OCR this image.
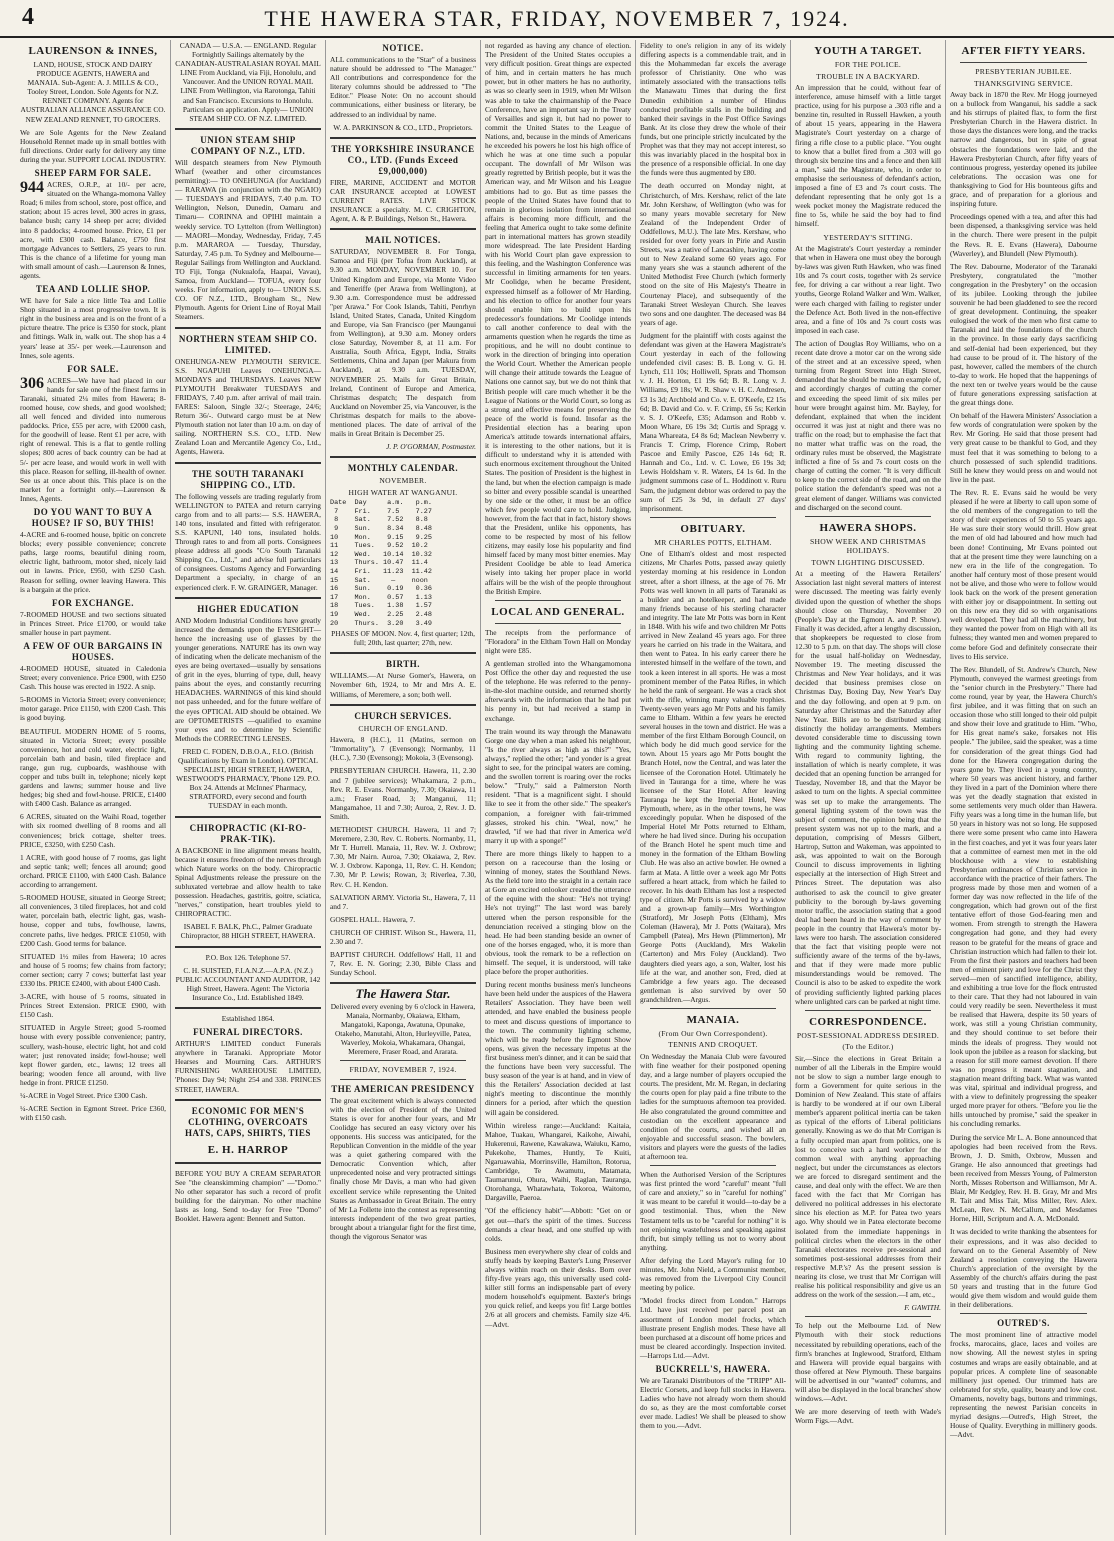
4	THE HAWERA STAR, FRIDAY, NOVEMBER 7, 1924.
LAURENSON & INNES,
LAND, HOUSE, STOCK AND DAIRY PRODUCE AGENTS, HAWERA and MANAIA. Sub-Agent: A. J. MILLS & CO., Tooley Street, London. Sole Agents for N.Z. RENNET COMPANY. Agents for AUSTRALIAN ALLIANCE ASSURANCE CO. NEW ZEALAND RENNET, TO GROCERS.
We are Sole Agents for the New Zealand Household Rennet made up in small bottles with full directions. Order early for delivery any time during the year. SUPPORT LOCAL INDUSTRY.
SHEEP FARM FOR SALE.
944 ACRES, O.R.P., at 10/- per acre, situated on the Whanga-momona Valley Road; 6 miles from school, store, post office, and station; about 15 acres level, 300 acres in grass, balance bush; carry 14 sheep per acre; divided into 8 paddocks; 4-roomed house. Price, £1 per acre, with £300 cash. Balance, £750 first mortgage Advances to Settlers, 25 years to run. This is the chance of a lifetime for young man with small amount of cash.—Laurenson & Innes, agents.
TEA AND LOLLIE SHOP.
WE have for Sale a nice little Tea and Lollie Shop situated in a most progressive town. It is right in the business area and is on the front of a picture theatre. The price is £350 for stock, plant and fittings. Walk in, walk out. The shop has a 4 years' lease at 35/- per week.—Laurenson and Innes, sole agents.
FOR SALE.
306 ACRES—We have had placed in our hands for sale one of the finest farms in Taranaki, situated 2¼ miles from Hawera; 8-roomed house, cow sheds, and good woolshed; all well fenced and divided into numerous paddocks. Price, £55 per acre, with £2000 cash, for the goodwill of lease. Rent £1 per acre, with right of renewal. This is a flat to gentle rolling slopes; 800 acres of back country can be had at 5/- per acre lease, and would work in well with this place. Reason for selling, ill-health of owner. See us at once about this. This place is on the market for a fortnight only.—Laurenson & Innes, Agents.
DO YOU WANT TO BUY A HOUSE? IF SO, BUY THIS!
4-ACRE and 6-roomed house, bpitic on concrete blocks; every possible convenience; concrete paths, large rooms, beautiful dining room, electric light, bathroom, motor shed, nicely laid out in lawns. Price, £950, with £250 Cash. Reason for selling, owner leaving Hawera. This is a bargain at the price.
FOR EXCHANGE.
7-ROOMED HOUSE and two sections situated in Princes Street. Price £1700, or would take smaller house in part payment.
A FEW OF OUR BARGAINS IN HOUSES.
4-ROOMED HOUSE, situated in Caledonia Street; every convenience. Price £900, with £250 Cash. This house was erected in 1922. A snip.
5-ROOMS in Victoria Street; every convenience; motor garage. Price £1150, with £200 Cash. This is good buying.
BEAUTIFUL MODERN HOME of 5 rooms, situated in Victoria Street; every possible convenience, hot and cold water, electric light, porcelain bath and basin, tiled fireplace and range, gun rug, cupboards, washhouse with copper and tubs built in, telephone; nicely kept gardens and lawns; summer house and live hedges; big shed and fowl-house. PRICE, £1400 with £400 Cash. Balance as arranged.
6 ACRES, situated on the Waihi Road, together with six roomed dwelling of 8 rooms and all conveniences; brick cottage, shelter trees. PRICE, £3250, with £250 Cash.
1 ACRE, with good house of 7 rooms, gas light and septic tank; well; fences all around; good orchard. PRICE £1100, with £400 Cash. Balance according to arrangement.
5-ROOMED HOUSE, situated in George Street; all conveniences, 3 tiled fireplaces, hot and cold water, porcelain bath, electric light, gas, wash-house, copper and tubs, fowlhouse, lawns, concrete paths, live hedges. PRICE £1050, with £200 Cash. Good terms for balance.
SITUATED 1½ miles from Hawera; 10 acres and house of 5 rooms; few chains from factory; corner section; carry 7 cows; butterfat last year £330 lbs. PRICE £2400, with about £400 Cash.
3-ACRE, with house of 5 rooms, situated in Princes Street Extension. PRICE £900, with £150 Cash.
SITUATED in Argyle Street; good 5-roomed house with every possible convenience; pantry, scullery, wash-house, electric light, hot and cold water; just renovated inside; fowl-house; well kept flower garden, etc., lawns; 12 trees all bearing; wooden fence all around, with live hedge in front. PRICE £1250.
¼-ACRE in Vogel Street. Price £300 Cash.
¼-ACRE Section in Egmont Street. Price £360, with £150 cash.
CANADA — U.S.A. — ENGLAND. Regular Fortnightly Sailings alternately by the CANADIAN-AUSTRALASIAN ROYAL MAIL LINE From Auckland, via Fiji, Honolulu, and Vancouver. And the UNION ROYAL MAIL LINE From Wellington, via Rarotonga, Tahiti and San Francisco. Excursions to Honolulu. Particulars on application. Apply— UNION STEAM SHIP CO. OF N.Z. LIMITED.
UNION STEAM SHIP COMPANY OF N.Z., LTD.
Will despatch steamers from New Plymouth Wharf (weather and other circumstances permitting):— TO ONEHUNGA (for Auckland)— RARAWA (in conjunction with the NGAIO)— TUESDAYS and FRIDAYS, 7.40 p.m. TO Wellington, Nelson, Dunedin, Oamaru and Timaru— CORINNA and OPIHI maintain a weekly service. TO Lyttelton (from Wellington)— MAORI—Monday, Wednesday, Friday, 7.45 p.m. MARAROA — Tuesday, Thursday, Saturday, 7.45 p.m. To Sydney and Melbourne— Regular Sailings from Wellington and Auckland. TO Fiji, Tonga (Nukualofa, Haapai, Vavau), Samoa, from Auckland— TOFUA, every four weeks. For information, apply to— UNION S.S. CO. OF N.Z., LTD., Brougham St., New Plymouth. Agents for Orient Line of Royal Mail Steamers.
NORTHERN STEAM SHIP CO. LIMITED.
ONEHUNGA-NEW PLYMOUTH SERVICE. S.S. NGAPUHI Leaves ONEHUNGA— MONDAYS and THURSDAYS. Leaves NEW PLYMOUTH Breakwater TUESDAYS and FRIDAYS, 7.40 p.m. after arrival of mail train. FARES: Saloon, Single 32/-; Steerage, 24/6; Return 36/-. Outward cargo must be at New Plymouth station not later than 10 a.m. on day of sailing. NORTHERN S.S. CO., LTD. New Zealand Loan and Mercantile Agency Co., Ltd., Agents, Hawera.
THE SOUTH TARANAKI SHIPPING CO., LTD.
The following vessels are trading regularly from WELLINGTON to PATEA and return carrying cargo from and to all parts:— S.S. HAWERA, 140 tons, insulated and fitted with refrigerator. S.S. KAPUNI, 140 tons, insulated holds. Through rates to and from all ports. Consignees please address all goods "C/o South Taranaki Shipping Co., Ltd.," and advise full particulars of consignees. Customs Agency and Forwarding Department a specialty, in charge of an experienced clerk. F. W. GRAINGER, Manager.
HIGHER EDUCATION
AND Modern Industrial Conditions have greatly increased the demands upon the EYESIGHT—hence the increasing use of glasses by the younger generations. NATURE has its own way of indicating when the delicate mechanism of the eyes are being overtaxed—usually by sensations of grit in the eyes, blurring of type, dull, heavy pains about the eyes, and constantly recurring HEADACHES. WARNINGS of this kind should not pass unheeded, and for the future welfare of the eyes OPTICAL AID should be obtained. We are OPTOMETRISTS —qualified to examine your eyes and to determine by Scientific Methods the CORRECTING LENSES.
FRED C. FODEN, D.B.O.A., F.I.O. (British Qualifications by Exam in London). OPTICAL SPECIALIST, HIGH STREET, HAWERA, WESTWOOD'S PHARMACY, 'Phone 129. P.O. Box 24. Attends at McInnes' Pharmacy, STRATFORD, every second and fourth TUESDAY in each month.
CHIROPRACTIC (KI-RO-PRAK-TIK).
A BACKBONE in line alignment means health, because it ensures freedom of the nerves through which Nature works on the body. Chiropractic Spinal Adjustments release the pressure on the subluxated vertebrae and allow health to take possession. Headaches, gastritis, goitre, sciatica, "nerves," constipation, heart troubles yield to CHIROPRACTIC.
ISABEL F. BALK, Ph.C., Palmer Graduate Chiropractor, 88 HIGH STREET, HAWERA.
P.O. Box 126. Telephone 57.
C. H. SUISTED, F.I.A.N.Z.—A.P.A. (N.Z.) PUBLIC ACCOUNTANT AND AUDITOR, 142 High Street, Hawera. Agent: The Victoria Insurance Co., Ltd. Established 1849.
Established 1864.
FUNERAL DIRECTORS.
ARTHUR'S LIMITED conduct Funerals anywhere in Taranaki. Appropriate Motor Hearses and Mourning Cars. ARTHUR'S FURNISHING WAREHOUSE LIMITED, 'Phones: Day 94; Night 254 and 338. PRINCES STREET, HAWERA.
ECONOMIC FOR MEN'S CLOTHING, OVERCOATS HATS, CAPS, SHIRTS, TIES
E. H. HARROP
BEFORE YOU BUY A CREAM SEPARATOR See "the cleanskimming champion" —"Domo." No other separator has such a record of profit building for the dairyman. No other machine lasts as long. Send to-day for Free "Domo" Booklet. Hawera agent: Bennett and Sutton.
NOTICE.
ALL communications to the "Star" of a business nature should be addressed to "The Manager." All contributions and correspondence for the literary columns should be addressed to "The Editor." Please Note: On no account should communications, either business or literary, be addressed to an individual by name.
W. A. PARKINSON & CO., LTD., Proprietors.
THE YORKSHIRE INSURANCE CO., LTD. (Funds Exceed £9,000,000)
FIRE, MARINE, ACCIDENT and MOTOR CAR INSURANCE accepted at LOWEST CURRENT RATES. LIVE STOCK INSURANCE a specialty. M. C. CRIGHTON, Agent, A. & P. Buildings, Nelson St., Hawera.
MAIL NOTICES.
SATURDAY, NOVEMBER 8. For Tonga, Samoa and Fiji (per Tofua from Auckland), at 9.30 a.m. MONDAY, NOVEMBER 10. For United Kingdom and Europe, via Monte Video and Teneriffe (per Arawa from Wellington), at 9.30 a.m. Correspondence must be addressed "per Arawa." For Cook Islands, Tahiti, Penrhyn Island, United States, Canada, United Kingdom and Europe, via San Francisco (per Maunganui from Wellington), at 9.30 a.m. Money orders close Saturday, November 8, at 11 a.m. For Australia, South Africa, Egypt, India, Straits Settlements, China and Japan (per Makura from Auckland), at 9.30 a.m. TUESDAY, NOVEMBER 25. Mails for Great Britain, Ireland, Continent of Europe and America, Christmas despatch; The despatch from Auckland on November 25, via Vancouver, is the Christmas despatch for mails to the above-mentioned places. The date of arrival of the mails in Great Britain is December 25.
J. P. O'GORMAN, Postmaster.
MONTHLY CALENDAR.
NOVEMBER.
HIGH WATER AT WANGANUI.
Date  Day     a.m.   p.m.
7    Fri.    7.5    7.27
8    Sat.    7.52   8.8
9    Sun.    8.34   8.48
10    Mon.    9.15   9.25
11    Tues.   9.52  10.2
12    Wed.   10.14  10.32
13    Thurs. 10.47  11.4
14    Fri.   11.23  11.42
15    Sat.     —    noon
16    Sun.    0.19   0.36
17    Mon.    0.57   1.13
18    Tues.   1.38   1.57
19    Wed.    2.25   2.48
20    Thurs.  3.20   3.49
PHASES OF MOON. Nov. 4, first quarter; 12th, full; 20th, last quarter; 27th, new.
BIRTH.
WILLIAMS.—At Nurse Gomer's, Hawera, on November 6th, 1924, to Mr and Mrs A. E. Williams, of Meremere, a son; both well.
CHURCH SERVICES.
CHURCH OF ENGLAND.
Hawera, 8 (H.C.), 11 (Matins, sermon on "Immortality"), 7 (Evensong); Normanby, 11 (H.C.), 7.30 (Evensong); Mokoia, 3 (Evensong).
PRESBYTERIAN CHURCH. Hawera, 11, 2.30 and 7 (jubilee services); Whakamara, 2 p.m., Rev. R. E. Evans. Normanby, 7.30; Okaiawa, 11 a.m.; Fraser Road, 3; Manganui, 11; Mangamahoe, 11 and 7.30; Auroa, 2, Rev. J. D. Smith.
METHODIST CHURCH. Hawera, 11 and 7; Meremere, 2.30, Rev. C. Roberts. Normanby, 11, Mr T. Hurrell. Manaia, 11, Rev. W. J. Oxbrow; 7.30, Mr Nairn. Auroa, 7.30; Okaiawa, 2, Rev. W. J. Oxbrow. Kaponga, 11, Rev. C. H. Kendon; 7.30, Mr P. Lewis; Rowan, 3; Riverlea, 7.30, Rev. C. H. Kendon.
SALVATION ARMY. Victoria St., Hawera, 7, 11 and 7.
GOSPEL HALL. Hawera, 7.
CHURCH OF CHRIST. Wilson St., Hawera, 11, 2.30 and 7.
BAPTIST CHURCH. Oddfellows' Hall, 11 and 7, Rev. E. N. Goring; 2.30, Bible Class and Sunday School.
The Hawera Star.
Delivered every evening by 6 o'clock in Hawera, Manaia, Normanby, Okaiawa, Eltham, Mangatoki, Kaponga, Awatuna, Opunake, Otakeho, Manutahi, Alton, Hurleyville, Patea, Waverley, Mokoia, Whakamara, Ohangai, Meremere, Fraser Road, and Ararata.
FRIDAY, NOVEMBER 7, 1924.
THE AMERICAN PRESIDENCY
The great excitement which is always connected with the election of President of the United States is over for another four years, and Mr Coolidge has secured an easy victory over his opponents. His success was anticipated, for the Republican Convention in the middle of the year was a quiet gathering compared with the Democratic Convention which, after unprecedented noise and very protracted sittings finally chose Mr Davis, a man who had given excellent service while representing the United States as Ambassador in Great Britain. The entry of Mr La Follette into the contest as representing interests independent of the two great parties, brought about a triangular fight for the first time, though the vigorous Senator was
not regarded as having any chance of election. The President of the United States occupies a very difficult position. Great things are expected of him, and in certain matters he has much power, but in other matters he has no authority, as was so clearly seen in 1919, when Mr Wilson was able to take the chairmanship of the Peace Conference, have an important say in the Treaty of Versailles and sign it, but had no power to commit the United States to the League of Nations, and, because in the minds of Americans he exceeded his powers he lost his high office of which he was at one time such a popular occupant. The downfall of Mr Wilson was greatly regretted by British people, but it was the American way, and Mr Wilson and his League ambitions had to go. But as time passes the people of the United States have found that to remain in glorious isolation from international affairs is becoming more difficult, and the feeling that America ought to take some definite part in international matters has grown steadily more widespread. The late President Harding with his World Court plan gave expression to this feeling, and the Washington Conference was successful in limiting armaments for ten years. Mr Coolidge, when he became President, expressed himself as a follower of Mr Harding, and his election to office for another four years should enable him to build upon his predecessor's foundations. Mr Coolidge intends to call another conference to deal with the armaments question when he regards the time as propitious, and he will no doubt continue to work in the direction of bringing into operation the World Court. Whether the American people will change their attitude towards the League of Nations one cannot say, but we do not think that British people will care much whether it be the League of Nations or the World Court, so long as a strong and effective means for preserving the peace of the world is found. Insofar as the Presidential election has a bearing upon America's attitude towards international affairs, it is interesting to the other nations, but it is difficult to understand why it is attended with such enormous excitement throughout the United States. The position of President is the highest in the land, but when the election campaign is made so bitter and every possible scandal is unearthed by one side or the other, it must be an office which few people would care to hold. Judging, however, from the fact that in fact, history shows that the President, unlike his opponents, has come to be respected by most of his fellow citizens, may easily lose his popularity and find himself faced by many most bitter enemies. May President Coolidge be able to lead America wisely into taking her proper place in world affairs will be the wish of the people throughout the British Empire.
LOCAL AND GENERAL.
The receipts from the performance of "Floradora" in the Eltham Town Hall on Monday night were £85.
A gentleman strolled into the Whangamomona Post Office the other day and requested the use of the telephone. He was referred to the penny-in-the-slot machine outside, and returned shortly afterwards with the information that he had put his penny in, but had received a stamp in exchange.
The train wound its way through the Manawatu Gorge one day when a man asked his neighbour, "Is the river always as high as this?" "Yes, always," replied the other; "and yonder is a great sight to see, for the principal waters are coming, and the swollen torrent is roaring over the rocks below." "Truly," said a Palmerston North resident. "That is a magnificent sight. I should like to see it from the other side." The speaker's companion, a foreigner with fair-trimmed glasses, stroked his chin. "Weal, now," he drawled, "if we had that river in America we'd marry it up with a sponge!"
There are more things likely to happen to a person on a racecourse than the losing or winning of money, states the Southland News. As the field tore into the straight in a certain race at Gore an excited onlooker created the utterance of the equine with the shout: "He's not trying! He's not trying!" The last word was barely uttered when the person responsible for the denunciation received a stinging blow on the head. He had been standing beside an owner of one of the horses engaged, who, it is more than obvious, took the remark to be a reflection on himself. The sequel, it is understood, will take place before the proper authorities.
During recent months business men's luncheons have been held under the auspices of the Hawera Retailers' Association. They have been well attended, and have enabled the business people to meet and discuss questions of importance to the town. The community lighting scheme, which will be ready before the Egmont Show opens, was given the necessary impetus at the first business men's dinner, and it can be said that the functions have been very successful. The busy season of the year is at hand, and in view of this the Retailers' Association decided at last night's meeting to discontinue the monthly dinners for a period, after which the question will again be considered.
Within wireless range:—Auckland: Kaitaia, Mahoe, Tuakau, Whangarei, Kaikohe, Aiwahi, Hukerenui, Rawene, Kawakawa, Waiuku, Kamo, Pukekohe, Thames, Huntly, Te Kuiti, Ngaruawahia, Morrinsville, Hamilton, Rotorua, Cambridge, Te Awamutu, Matamata, Taumarunui, Ohura, Waihi, Raglan, Tauranga, Otorohanga, Whatawhata, Tokoroa, Waitomo, Dargaville, Paeroa.
"Of the efficiency habit"—Abbott: "Get on or get out—that's the spirit of the times. Success demands a clear head, and one stuffed up with colds.
Business men everywhere shy clear of colds and stuffy heads by keeping Baxter's Lung Preserver always within reach on their desks. Born over fifty-five years ago, this universally used cold-killer still forms an indispensable part of every modern household's equipment. Baxter's brings you quick relief, and keeps you fit! Large bottles 2/6 at all grocers and chemists. Family size 4/6.—Advt.
Fidelity to one's religion in any of its widely differing aspects is a commendable trait, and in this the Mohammedan far excels the average professor of Christianity. One who was intimately associated with the transactions tells the Manawatu Times that during the first Dunedin exhibition a number of Hindus conducted profitable stalls in the building and banked their savings in the Post Office Savings Bank. At its close they drew the whole of their funds, but one principle strictly inculcated by the Prophet was that they may not accept interest, so this was invariably placed in the hospital box in the presence of a responsible official. In one day the funds were thus augmented by £80.
The death occurred on Monday night, at Christchurch, of Mrs. Kershaw, relict of the late Mr. John Kershaw, of Wellington (who was for so many years movable secretary for New Zealand of the Independent Order of Oddfellows, M.U.). The late Mrs. Kershaw, who resided for over forty years in Pirie and Austin Streets, was a native of Lancashire, having come out to New Zealand some 60 years ago. For many years she was a staunch adherent of the United Methodist Free Church (which formerly stood on the site of His Majesty's Theatre in Courtenay Place), and subsequently of the Taranaki Street Wesleyan Church. She leaves two sons and one daughter. The deceased was 84 years of age.
Judgment for the plaintiff with costs against the defendant was given at the Hawera Magistrate's Court yesterday in each of the following undefended civil cases: B. B. Long v. G. H. Lynch, £11 10s; Holliwell, Sprats and Thomson v. J. H. Horton, £1 19s 6d; B. R. Long v. J. Williams, £9 18s; W. R. Shaw v. H. C. Andresen, £3 1s 3d; Archbold and Co. v. E. O'Keefe, £2 15s 6d; B. David and Co. v. F. Crimp, £6 5s; Kerkin v. S. J. O'Keefe, £35; Adamson and Robb v. Moon Whare, £6 19s 3d; Curtis and Spragg v. Mana Whareata, £4 8s 6d; Maclean Newberry v. Francis T. Crimp, Florence Crimp, Robert Pascoe and Emily Pascoe, £26 14s 6d; R. Hannah and Co., Ltd. v. C. Lowe, £6 19s 3d; Lewis Holdsham v. R. Waters, £4 1s 6d. In the judgment summons case of L. Hoddinott v. Ruru Sam, the judgment debtor was ordered to pay the sum of £25 3s 9d, in default 27 days' imprisonment.
OBITUARY.
MR CHARLES POTTS, ELTHAM.
One of Eltham's oldest and most respected citizens, Mr Charles Potts, passed away quietly yesterday morning at his residence in London street, after a short illness, at the age of 76. Mr Potts was well known in all parts of Taranaki as a builder and an hotelkeeper, and had made many friends because of his sterling character and integrity. The late Mr Potts was born in Kent in 1848. With his wife and two children Mr Potts arrived in New Zealand 45 years ago. For three years he carried on his trade in the Waitara, and then went to Patea. In his early career there he interested himself in the welfare of the town, and took a keen interest in all sports. He was a most prominent member of the Patea Rifles, in which he held the rank of sergeant. He was a crack shot with the rifle, winning many valuable trophies. Twenty-seven years ago Mr Potts and his family came to Eltham. Within a few years he erected several houses in the town and district. He was a member of the first Eltham Borough Council, on which body he did much good service for the town. About 15 years ago Mr Potts bought the Branch Hotel, now the Central, and was later the licensee of the Coronation Hotel. Ultimately he lived in Tauranga for a time, where he was licensee of the Star Hotel. After leaving Tauranga he kept the Imperial Hotel, New Plymouth, where, as in the other towns, he was exceedingly popular. When he disposed of the Imperial Hotel Mr Potts returned to Eltham, where he had lived since. During his occupation of the Branch Hotel he spent much time and money in the formation of the Eltham Bowling Club. He was also an active bowler. He owned a farm at Mata. A little over a week ago Mr Potts suffered a heart attack, from which he failed to recover. In his death Eltham has lost a respected type of citizen. Mr Potts is survived by a widow and a grown-up family—Mrs Worthington (Stratford), Mr Joseph Potts (Eltham), Mrs Coleman (Hawera), Mr J. Potts (Waitara), Mrs Campbell (Patea), Mrs Hewn (Plimmerton), Mr George Potts (Auckland), Mrs Wakelin (Carterton) and Mrs Foley (Auckland). Two daughters died years ago, a son, Walter, lost his life at the war, and another son, Fred, died at Cambridge a few years ago. The deceased gentleman is also survived by over 50 grandchildren.—Argus.
MANAIA.
(From Our Own Correspondent).
TENNIS AND CROQUET.
On Wednesday the Manaia Club were favoured with fine weather for their postponed opening day, and a large number of players occupied the courts. The president, Mr. M. Regan, in declaring the courts open for play paid a fine tribute to the ladies for the sumptuous afternoon tea provided. He also congratulated the ground committee and custodian on the excellent appearance and condition of the courts, and wished all an enjoyable and successful season. The bowlers, visitors and players were the guests of the ladies at afternoon tea.
When the Authorised Version of the Scriptures was first printed the word "careful" meant "full of care and anxiety," so in "careful for nothing" it was meant to be careful it would—to-day be a good testimonial. Thus, when the New Testament tells us to be "careful for nothing" it is not enjoining wastefulness and speaking against thrift, but simply telling us not to worry about anything.
After defying the Lord Mayor's ruling for 10 minutes, Mr. John Nield, a Communist member, was removed from the Liverpool City Council meeting by police.
"Model frocks direct from London." Harrops Ltd. have just received per parcel post an assortment of London model frocks, which illustrate present English modes. These have all been purchased at a discount off home prices and must be cleared accordingly. Inspection invited.—Harrops Ltd.—Advt.
BUCKRELL'S, HAWERA.
We are Taranaki Distributors of the "TRIPP" All-Electric Corsets, and keep full stocks in Hawera. Ladies who have not already worn them should do so, as they are the most comfortable corset ever made. Ladies! We shall be pleased to show them to you.—Advt.
YOUTH A TARGET.
FOR THE POLICE.
TROUBLE IN A BACKYARD.
An impression that he could, without fear of interference, amuse himself with a little target practice, using for his purpose a .303 rifle and a benzine tin, resulted in Russell Hawken, a youth of about 15 years, appearing in the Hawera Magistrate's Court yesterday on a charge of firing a rifle close to a public place. "You ought to know that a bullet fired from a .303 will go through six benzine tins and a fence and then kill a man," said the Magistrate, who, in order to emphasise the seriousness of defendant's action, imposed a fine of £3 and 7s court costs. The defendant representing that he only got 1s a week pocket money the Magistrate reduced the fine to 5s, while he said the boy had to find himself.
YESTERDAY'S SITTING.
At the Magistrate's Court yesterday a reminder that when in Hawera one must obey the borough by-laws was given Ruth Hawken, who was fined 10s and 7s court costs, together with 2s service fee, for driving a car without a rear light. Two youths, George Roland Walker and Wm. Walker, were each charged with failing to register under the Defence Act. Both lived in the non-effective area, and a fine of 10s and 7s court costs was imposed in each case.
The action of Douglas Roy Williams, who on a recent date drove a motor car on the wrong side of the street and at an excessive speed, when turning from Regent Street into High Street, demanded that he should be made an example of, and accordingly charges of cutting the corner and exceeding the speed limit of six miles per hour were brought against him. Mr. Bayley, for defendant, explained that when the incident occurred it was just at night and there was no traffic on the road; but to emphasise the fact that no matter what traffic was on the road, the ordinary rules must be observed, the Magistrate inflicted a fine of 5s and 7s court costs on the charge of cutting the corner. "It is very difficult to keep to the correct side of the road, and on the police station the defendant's speed was not a great element of danger. Williams was convicted and discharged on the second count.
HAWERA SHOPS.
SHOW WEEK AND CHRISTMAS HOLIDAYS.
TOWN LIGHTING DISCUSSED.
At a meeting of the Hawera Retailers' Association last night several matters of interest were discussed. The meeting was fairly evenly divided upon the question of whether the shops should close on Thursday, November 20 (People's Day at the Egmont A. and P. Show). Finally it was decided, after a lengthy discussion, that shopkeepers be requested to close from 12.30 to 5 p.m. on that day. The shops will close for the usual half-holiday on Wednesday, November 19. The meeting discussed the Christmas and New Year holidays, and it was decided that business premises close on Christmas Day, Boxing Day, New Year's Day and the day following, and open at 9 p.m. on Saturday after Christmas and the Saturday after New Year. Bills are to be distributed stating distinctly the holiday arrangements. Members devoted considerable time to discussing town lighting and the community lighting scheme. With regard to community lighting, the installation of which is nearly complete, it was decided that an opening function be arranged for Tuesday, November 18, and that the Mayor be asked to turn on the lights. A special committee was set up to make the arrangements. The general lighting system of the town was the subject of comment, the opinion being that the present system was not up to the mark, and a deputation, comprising of Messrs Gilbert, Hartrop, Sutton and Wakeman, was appointed to ask, was appointed to wait on the Borough Council to discuss improvements in lighting especially at the intersection of High Street and Princes Street. The deputation was also authorised to ask the council to give greater publicity to the borough by-laws governing motor traffic, the association stating that a good deal had been heard in the way of comment by people in the country that Hawera's motor by-laws were too harsh. The association considered that the fact that visiting people were not sufficiently aware of the terms of the by-laws, and that if they were made more public misunderstandings would be removed. The Council is also to be asked to expedite the work of providing sufficiently lighted parking places where unlighted cars can be parked at night time.
CORRESPONDENCE.
POST-SESSIONAL ADDRESS DESIRED.
(To the Editor.)
Sir,—Since the elections in Great Britain a number of all the Liberals in the Empire would not be slow to sign a number large enough to form a Government for quite serious in the Dominion of New Zealand. This state of affairs is hardly to be wondered at if our own Liberal member's apparent political inertia can be taken as typical of the efforts of Liberal politicians generally. Knowing as we do that Mr Corrigan is a fully occupied man apart from politics, one is lost to conceive such a hard worker for the common weal with anything approaching neglect, but under the circumstances as electors we are forced to disregard sentiment and the cause, and deal only with the effect. We are then faced with the fact that Mr Corrigan has delivered no political addresses in his electorate since his election as M.P. for Patea two years ago. Why should we in Patea electorate become isolated from the immediate happenings in political circles when the electors in the other Taranaki electorates receive pre-sessional and sometimes post-sessional addresses from their respective M.P.'s? As the present session is nearing its close, we trust that Mr Corrigan will realise his political responsibility and give us an address on the work of the session.—I am, etc.,
F. GAWITH.
To help out the Melbourne Ltd. of New Plymouth with their stock reductions necessitated by rebuilding operations, each of the firm's branches at Inglewood, Stratford, Eltham and Hawera will provide equal bargains with those offered at New Plymouth. These bargains will be advertised in our "wanted" columns, and will also be displayed in the local branches' show windows.—Advt.
We are more deserving of teeth with Wade's Worm Figs.—Advt.
AFTER FIFTY YEARS.
PRESBYTERIAN JUBILEE.
THANKSGIVING SERVICE.
Away back in 1870 the Rev. Mr Hogg journeyed on a bullock from Wanganui, his saddle a sack and his stirrups of plaited flax, to form the first Presbyterian Church in the Hawera district. In those days the distances were long, and the tracks narrow and dangerous, but in spite of great obstacles the foundations were laid, and the Hawera Presbyterian Church, after fifty years of continuous progress, yesterday opened its jubilee celebrations. The occasion was one for thanksgiving to God for His bounteous gifts and grace, and of preparation for a glorious and inspiring future.
Proceedings opened with a tea, and after this had been dispensed, a thanksgiving service was held in the church. There were present in the pulpit the Revs. R. E. Evans (Hawera), Dabourne (Waverley), and Blundell (New Plymouth).
The Rev. Dabourne, Moderator of the Taranaki Presbytery, congratulated the "mother congregation in the Presbytery" on the occasion of its jubilee. Looking through the jubilee souvenir he had been gladdened to see the record of great development. Continuing, the speaker eulogised the work of the men who first came to Taranaki and laid the foundations of the church in the province. In those early days sacrificing and self-denial had been experienced, but they had cause to be proud of it. The history of the past, however, called the members of the church to-day to work. He hoped that the happenings of the next ten or twelve years would be the cause of future generations expressing satisfaction at the great things done.
On behalf of the Hawera Ministers' Association a few words of congratulation were spoken by the Rev. Mr Goring. He said that those present had very great cause to be thankful to God, and they must feel that it was something to belong to a church possessed of such splendid traditions. Still he knew they would press on and would not live in the past.
The Rev. R. E. Evans said he would be very pleased if he were at liberty to call upon some of the old members of the congregation to tell the story of their experiences of 50 to 55 years ago. He was sure their story would thrill. How great the men of old had laboured and how much had been done! Continuing, Mr Evans pointed out that at the present time they were launching on a new era in the life of the congregation. To another half century most of those present would not be alive, and those who were to follow would look back on the work of the present generation with either joy or disappointment. In setting out on this new era they did so with organisations well developed. They had all the machinery, but they wanted the power from on High with all its fulness; they wanted men and women prepared to come before God and definitely consecrate their lives to His service.
The Rev. Blundell, of St. Andrew's Church, New Plymouth, conveyed the warmest greetings from the "senior church in the Presbytery." There had come round, year by year, the Hawera Church's first jubilee, and it was fitting that on such an occasion those who still longed to their old pulpit and show their love and gratitude to Him. "Who, for His great name's sake, forsakes not His people." The jubilee, said the speaker, was a time for consideration of the great things God had done for the Hawera congregation during the years gone by. They lived in a young country, where 50 years was ancient history, and farther they lived in a part of the Dominion where there was yet the deadly stagnation that existed in some settlements very much older than Hawera. Fifty years was a long time in the human life, but 50 years in history was not so long. He supposed there were some present who came into Hawera in the first coaches, and yet it was four years later that a committee of earnest men met in the old blockhouse with a view to establishing Presbyterian ordinances of Christian service in accordance with the practice of their fathers. The progress made by those men and women of a former day was now reflected in the life of the congregation, which had grown out of the first tentative effort of those God-fearing men and women. From strength to strength the Hawera congregation had gone, and they had every reason to be grateful for the means of grace and Christian instruction which had fallen to their lot. From the first their pastors and teachers had been men of eminent piety and love for the Christ they served—men of sanctified intelligence, ability, and exhibiting a true love for the flock entrusted to their care. That they had not laboured in vain could very readily be seen. Nevertheless it must be realised that Hawera, despite its 50 years of work, was still a young Christian community, and they should continue to set before their minds the ideals of progress. They would not look upon the jubilee as a reason for slacking, but a reason for still more earnest devotion. If there was no progress it meant stagnation, and stagnation meant drifting back. What was wanted was vital, spiritual and individual progress, and with a view to definitely progressing the speaker urged more prayer for others. "Before you lie the hills untouched by promise," said the speaker in his concluding remarks.
During the service Mr L. A. Bone announced that apologies had been received from the Revs. Brown, J. D. Smith, Oxbrow, Mussen and Grange. He also announced that greetings had been received from Messrs Young, of Palmerston North, Misses Robertson and Williamson, Mr A. Blair, Mr Kedgley, Rev. H. B. Gray, Mr and Mrs R. Tait and Miss Tait, Miss Miller, Rev. Alex. McLean, Rev. N. McCallum, and Mesdames Horne, Hill, Scriptum and A. A. McDonald.
It was decided to write thanking the absentees for their expressions, and it was also decided to forward on to the General Assembly of New Zealand a resolution conveying the Hawera Church's appreciation of the oversight by the Assembly of the church's affairs during the past 50 years and trusting that in the future God would give them wisdom and would guide them in their deliberations.
OUTRED'S.
The most prominent line of attractive model frocks, marocains, glace, laces and voiles are now showing. All the newest styles in spring costumes and wraps are easily obtainable, and at popular prices. A complete line of seasonable millinery just opened. Our trimmed hats are celebrated for style, quality, beauty and low cost. Ornaments, novelty bags, buttons and trimmings, representing the newest Parisian conceits in myriad designs.—Outred's, High Street, the House of Quality. Everything in millinery goods.—Advt.
